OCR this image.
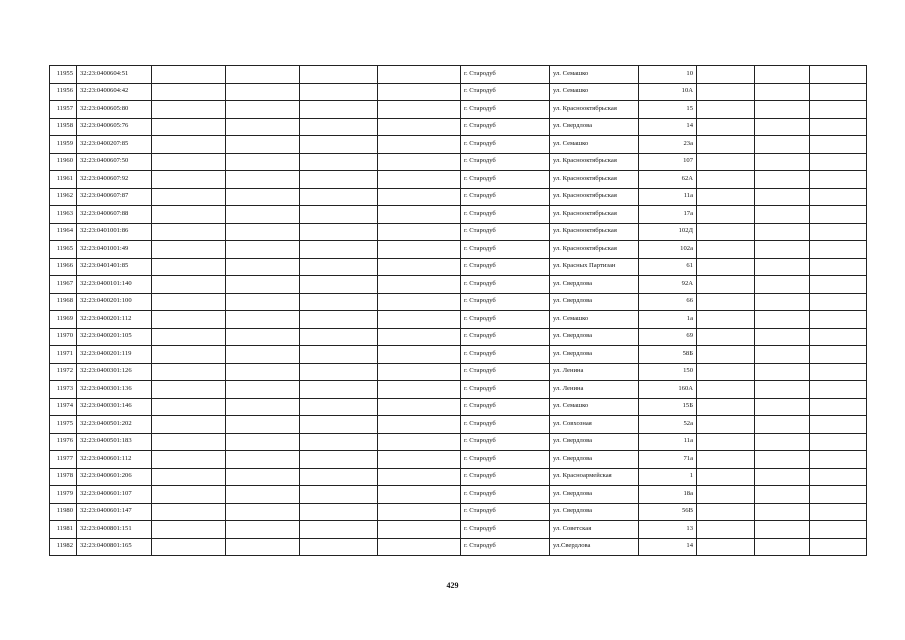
11955	32:23:0400604:51					г. Стародуб	ул. Семашко	10			
11956	32:23:0400604:42					г. Стародуб	ул. Семашко	10А			
11957	32:23:0400605:80					г. Стародуб	ул. Краснооктябрьская	15			
11958	32:23:0400605:76					г. Стародуб	ул. Свердлова	14			
11959	32:23:0400207:85					г. Стародуб	ул. Семашко	23а			
11960	32:23:0400607:50					г. Стародуб	ул. Краснооктябрьская	107			
11961	32:23:0400607:92					г. Стародуб	ул. Краснооктябрьская	62А			
11962	32:23:0400607:87					г. Стародуб	ул. Краснооктябрьская	11а			
11963	32:23:0400607:88					г. Стародуб	ул. Краснооктябрьская	17а			
11964	32:23:0401001:86					г. Стародуб	ул. Краснооктябрьская	102Д			
11965	32:23:0401001:49					г. Стародуб	ул. Краснооктябрьская	102а			
11966	32:23:0401401:85					г. Стародуб	ул. Красных Партизан	61			
11967	32:23:0400101:140					г. Стародуб	ул. Свердлова	92А			
11968	32:23:0400201:100					г. Стародуб	ул. Свердлова	66			
11969	32:23:0400201:112					г. Стародуб	ул. Семашко	1а			
11970	32:23:0400201:105					г. Стародуб	ул. Свердлова	69			
11971	32:23:0400201:119					г. Стародуб	ул. Свердлова	58Б			
11972	32:23:0400301:126					г. Стародуб	ул. Ленина	150			
11973	32:23:0400301:136					г. Стародуб	ул. Ленина	160А			
11974	32:23:0400301:146					г. Стародуб	ул. Семашко	15Б			
11975	32:23:0400501:202					г. Стародуб	ул. Совхозная	52а			
11976	32:23:0400501:183					г. Стародуб	ул. Свердлова	11а			
11977	32:23:0400601:112					г. Стародуб	ул. Свердлова	71а			
11978	32:23:0400601:206					г. Стародуб	ул. Красноармейская	1			
11979	32:23:0400601:107					г. Стародуб	ул. Свердлова	18а			
11980	32:23:0400601:147					г. Стародуб	ул. Свердлова	56В			
11981	32:23:0400801:151					г. Стародуб	ул. Советская	13			
11982	32:23:0400801:165					г. Стародуб	ул.Свердлова	14			
429
